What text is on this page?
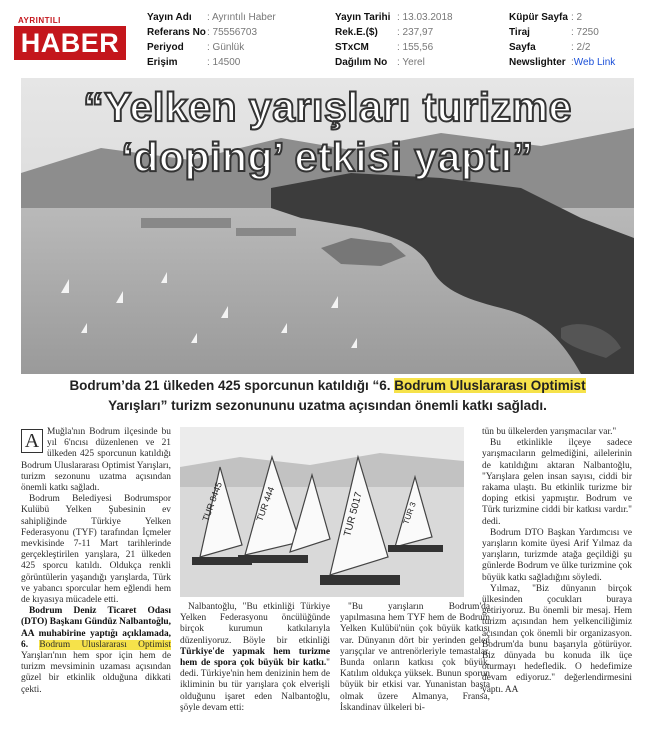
AYRINTILI
HABER
Yayın Adı	: Ayrıntılı Haber
Referans No : 75556703
Periyod	: Günlük
Erişim	: 14500
Yayın Tarihi : 13.03.2018
Rek.E.($)	: 237,97
STxCM	: 155,56
Dağılım No : Yerel
Küpür Sayfa : 2
Tiraj	: 7250
Sayfa	: 2/2
Newslighter : Web Link
“Yelken yarışları turizme
‘doping’ etkisi yaptı”
Bodrum’da 21 ülkeden 425 sporcunun katıldığı “6. Bodrum Uluslararası Optimist
Yarışları” turizm sezonununu uzatma açısından önemli katkı sağladı.
A Muğla'nın Bodrum ilçesinde bu yıl 6'ncısı düzenlenen ve 21 ülkeden 425 sporcunun katıldığı Bodrum Uluslararası Optimist Yarışları, turizm sezonunu uzatma açısından önemli katkı sağladı.

Bodrum Belediyesi Bodrumspor Kulübü Yelken Şubesinin ev sahipliğinde Türkiye Yelken Federasyonu (TYF) tarafından İçmeler mevkisinde 7-11 Mart tarihlerinde gerçekleştirilen yarışlara, 21 ülkeden 425 sporcu katıldı. Oldukça renkli görüntülerin yaşandığı yarışlarda, Türk ve yabancı sporcular hem eğlendi hem de kıyasıya mücadele etti.

Bodrum Deniz Ticaret Odası (DTO) Başkanı Gündüz Nalbantoğlu, AA muhabirine yaptığı açıklamada, 6. Bodrum Uluslararası Optimist Yarışları'nın hem spor için hem de turizm mevsiminin uzaması açısından güzel bir etkinlik olduğuna dikkati çekti.

TUR 8445	TUR 444	TUR 5017	TUR 3

Nalbantoğlu, "Bu etkinliği Türkiye Yelken Federasyonu öncülüğünde birçok kurumun katkılarıyla düzenliyoruz. Böyle bir etkinliği Türkiye'de yapmak hem turizme hem de spora çok büyük bir katkı." dedi. Türkiye'nin hem denizinin hem de ikliminin bu tür yarışlara çok elverişli olduğunu işaret eden Nalbantoğlu, şöyle devam etti:

"Bu yarışların Bodrum'da yapılmasına hem TYF hem de Bodrum Yelken Kulübü'nün çok büyük katkısı var. Dünyanın dört bir yerinden gelen yarışçılar ve antrenörleriyle temastalar. Bunda onların katkısı çok büyük. Katılım oldukça yüksek. Bunun sporun büyük bir etkisi var. Yunanistan başta olmak üzere Almanya, Fransa, İskandinav ülkeleri bi-

tün bu ülkelerden yarışmacılar var."

Bu etkinlikle ilçeye sadece yarışmacıların gelmediğini, ailelerinin de katıldığını aktaran Nalbantoğlu, "Yarışlara gelen insan sayısı, ciddi bir rakama ulaştı. Bu etkinlik turizme bir doping etkisi yapmıştır. Bodrum ve Türk turizmine ciddi bir katkısı vardır." dedi.

Bodrum DTO Başkan Yardımcısı ve yarışların komite üyesi Arif Yılmaz da yarışların, turizmde atağa geçildiği şu günlerde Bodrum ve ülke turizmine çok büyük katkı sağladığını söyledi.

Yılmaz, "Biz dünyanın birçok ülkesinden çocukları buraya getiriyoruz. Bu önemli bir mesaj. Hem turizm açısından hem yelkenciliğimiz açısından çok önemli bir organizasyon. Bodrum'da bunu başarıyla götürüyor. Biz dünyada bu konuda ilk üçe oturmayı hedefledik. O hedefimize devam ediyoruz." değerlendirmesini yaptı. AA
